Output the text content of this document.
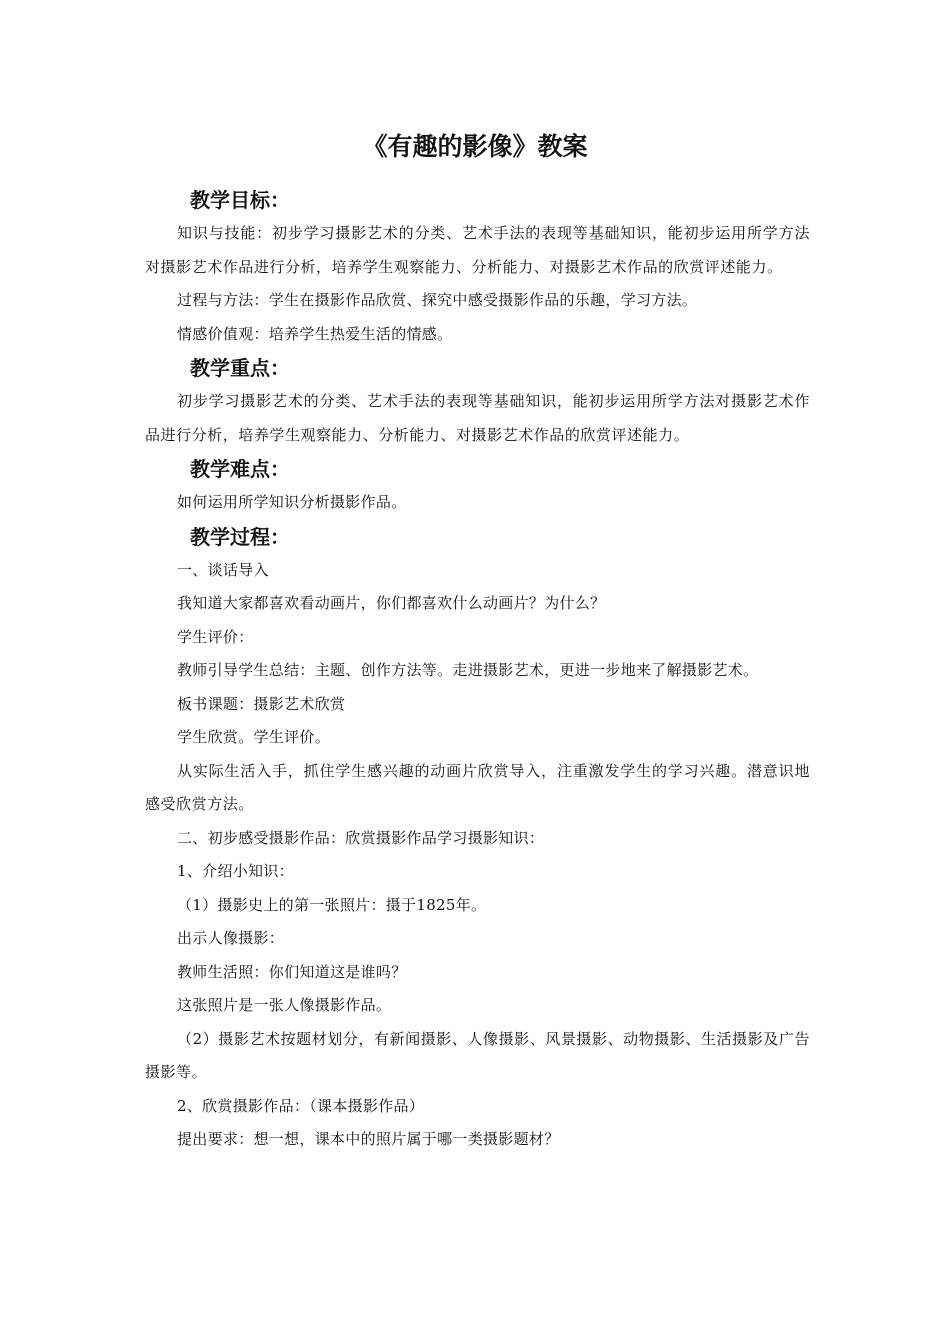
《有趣的影像》教案
教学目标：

知识与技能：初步学习摄影艺术的分类、艺术手法的表现等基础知识，能初步运用所学方法对摄影艺术作品进行分析，培养学生观察能力、分析能力、对摄影艺术作品的欣赏评述能力。

过程与方法：学生在摄影作品欣赏、探究中感受摄影作品的乐趣，学习方法。

情感价值观：培养学生热爱生活的情感。

教学重点：

初步学习摄影艺术的分类、艺术手法的表现等基础知识，能初步运用所学方法对摄影艺术作品进行分析，培养学生观察能力、分析能力、对摄影艺术作品的欣赏评述能力。

教学难点：

如何运用所学知识分析摄影作品。

教学过程：

一、谈话导入

我知道大家都喜欢看动画片，你们都喜欢什么动画片？为什么？

学生评价：

教师引导学生总结：主题、创作方法等。走进摄影艺术，更进一步地来了解摄影艺术。

板书课题：摄影艺术欣赏

学生欣赏。学生评价。

从实际生活入手，抓住学生感兴趣的动画片欣赏导入，注重激发学生的学习兴趣。潜意识地感受欣赏方法。

二、初步感受摄影作品：欣赏摄影作品学习摄影知识：

1、介绍小知识：

（1）摄影史上的第一张照片：摄于1825年。

出示人像摄影：

教师生活照：你们知道这是谁吗？

这张照片是一张人像摄影作品。

（2）摄影艺术按题材划分，有新闻摄影、人像摄影、风景摄影、动物摄影、生活摄影及广告摄影等。

2、欣赏摄影作品：（课本摄影作品）

提出要求：想一想，课本中的照片属于哪一类摄影题材？
